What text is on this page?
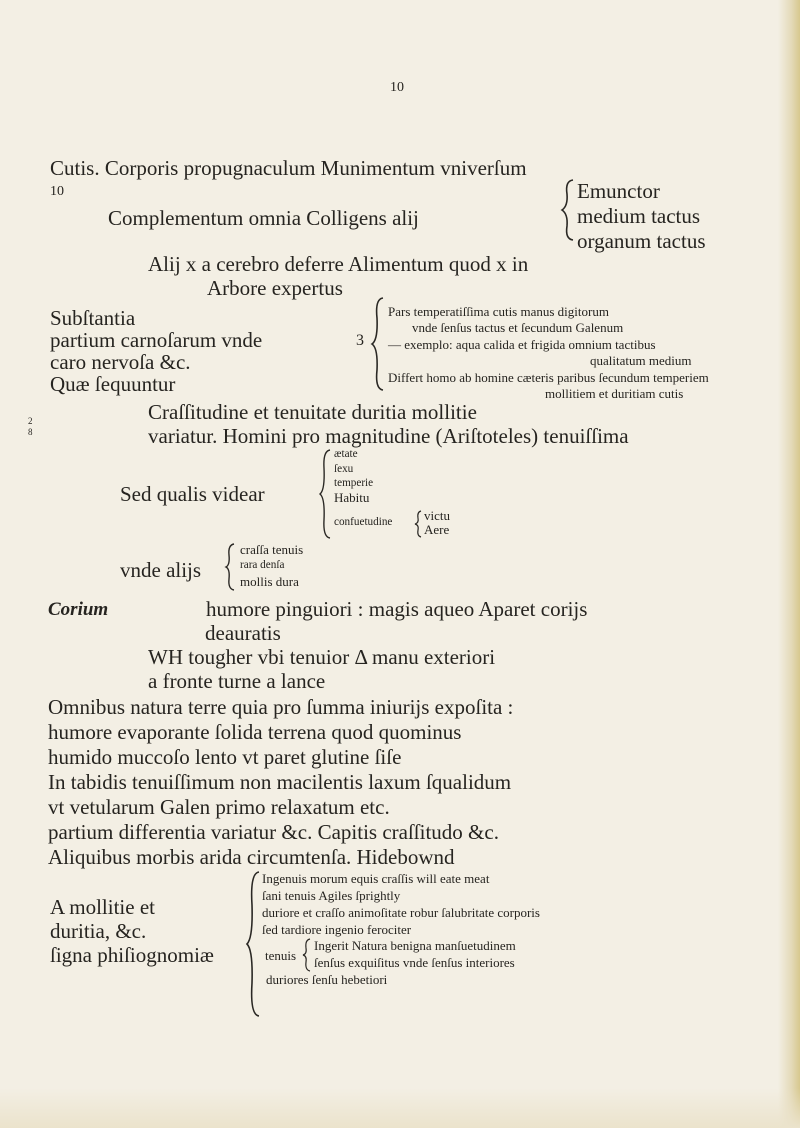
10
Cutis. Corporis propugnaculum Munimentum vniverſum
10
Complementum omnia Colligens alij
Emunctor
medium tactus
organum tactus
Alij x a cerebro deferre Alimentum quod x in
Arbore expertus
Subſtantia
partium carnoſarum vnde
caro nervoſa &c.
Quæ ſequuntur
3
Pars temperatiſſima cutis manus digitorum
vnde ſenſus tactus et ſecundum Galenum
— exemplo: aqua calida et frigida omnium tactibus
qualitatum medium
Differt homo ab homine cæteris paribus ſecundum temperiem
mollitiem et duritiam cutis
2 8
Craſſitudine et tenuitate duritia mollitie
variatur. Homini pro magnitudine (Ariſtoteles) tenuiſſima
Sed qualis videar
ætate
ſexu
temperie
Habitu
confuetudine victu
Aere
vnde alijs
craſſa tenuis
rara denſa
mollis dura
Corium	humore pinguiori : magis aqueo Aparet corijs
deauratis
WH tougher vbi tenuior Δ manu exteriori
a fronte turne a lance
Omnibus natura terre quia pro ſumma iniurijs expoſita :
humore evaporante ſolida terrena quod quominus
humido muccoſo lento vt paret glutine ſiſe
In tabidis tenuiſſimum non macilentis laxum ſqualidum
vt vetularum Galen primo relaxatum etc.
partium differentia variatur &c. Capitis craſſitudo &c.
Aliquibus morbis arida circumtenſa. Hidebownd
A mollitie et
duritia, &c.
ſigna phiſiognomiæ
Ingenuis morum equis craſſis will eate meat
ſani tenuis Agiles ſprightly
duriore et craſſo animoſitate robur ſalubritate corporis
ſed tardiore ingenio ferociter
tenuis
Ingerit Natura benigna manſuetudinem
ſenſus exquiſitus vnde ſenſus interiores
duriores ſenſu hebetiori
